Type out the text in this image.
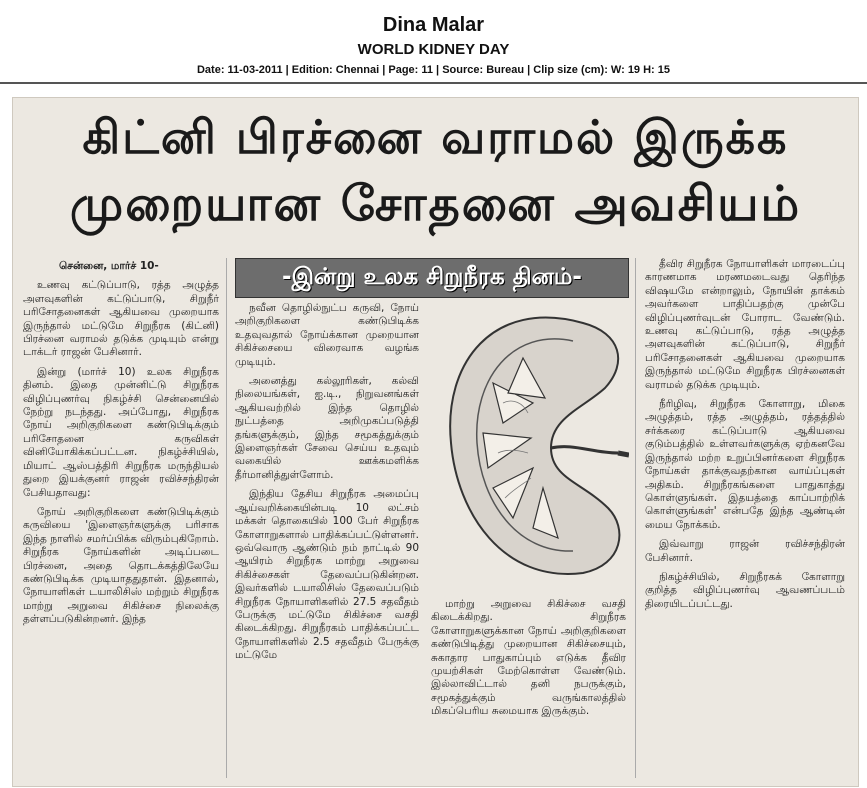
Dina Malar
WORLD KIDNEY DAY
Date: 11-03-2011 | Edition: Chennai | Page: 11 | Source: Bureau | Clip size (cm): W: 19 H: 15
கிட்னி பிரச்னை வராமல் இருக்க
முறையான சோதனை அவசியம்
சென்னை, மார்ச் 10-

உணவு கட்டுப்பாடு, ரத்த அழுத்த அளவுகளின் கட்டுப்பாடு, சிறுநீர் பரிசோதனைகள் ஆகியவை முறையாக இருந்தால் மட்டுமே சிறுநீரக (கிட்னி) பிரச்னை வராமல் தடுக்க முடியும் என்று டாக்டர் ராஜன் பேசினார்.

இன்று (மார்ச் 10) உலக சிறுநீரக தினம். இதை முன்னிட்டு சிறுநீரக விழிப்புணர்வு நிகழ்ச்சி சென்னையில் நேற்று நடந்தது. அப்போது, சிறுநீரக நோய் அறிகுறிகளை கண்டுபிடிக்கும் பரிசோதனை கருவிகள் வினியோகிக்கப்பட்டன. நிகழ்ச்சியில், மியாட் ஆஸ்பத்திரி சிறுநீரக மருந்தியல் துறை இயக்குனர் ராஜன் ரவிச்சந்திரன் பேசியதாவது:

நோய் அறிகுறிகளை கண்டுபிடிக்கும் கருவியை 'இளைஞர்களுக்கு பரிசாக இந்த நாளில் சமர்ப்பிக்க விரும்புகிறோம். சிறுநீரக நோய்களின் அடிப்படை பிரச்னை, அதை தொடக்கத்திலேயே கண்டுபிடிக்க முடியாததுதான். இதனால், நோயாளிகள் டயாலிசிஸ் மற்றும் சிறுநீரக மாற்று அறுவை சிகிச்சை நிலைக்கு தள்ளப்படுகின்றனர். இந்த

-இன்று உலக சிறுநீரக தினம்-

நவீன தொழில்நுட்ப கருவி, நோய் அறிகுறிகளை கண்டுபிடிக்க உதவுவதால் நோய்க்கான முறையான சிகிச்சையை விரைவாக வழங்க முடியும்.

அனைத்து கல்லூரிகள், கல்வி நிலையங்கள், ஐ.டி., நிறுவனங்கள் ஆகியவற்றில் இந்த தொழில் நுட்பத்தை அறிமுகப்படுத்தி தங்களுக்கும், இந்த சமூகத்துக்கும் இளைஞர்கள் சேவை செய்ய உதவும் வகையில் ஊக்கமளிக்க தீர்மானித்துள்ளோம்.

இந்திய தேசிய சிறுநீரக அமைப்பு ஆய்வறிக்கையின்படி 10 லட்சம் மக்கள் தொகையில் 100 பேர் சிறுநீரக கோளாறுகளால் பாதிக்கப்பட்டுள்ளனர். ஒவ்வொரு ஆண்டும் நம் நாட்டில் 90 ஆயிரம் சிறுநீரக மாற்று அறுவை சிகிச்சைகள் தேவைப்படுகின்றன. இவர்களில் டயாலிசிஸ் தேவைப்படும் சிறுநீரக நோயாளிகளில் 27.5 சதவீதம் பேருக்கு மட்டுமே சிகிச்சை வசதி கிடைக்கிறது. சிறுநீரகம் பாதிக்கப்பட்ட நோயாளிகளில் 2.5 சதவீதம் பேருக்கு மட்டுமே

மாற்று அறுவை சிகிச்சை வசதி கிடைக்கிறது. சிறுநீரக கோளாறுகளுக்கான நோய் அறிகுறிகளை கண்டுபிடித்து முறையான சிகிச்சையும், சுகாதார பாதுகாப்பும் எடுக்க தீவிர முயற்சிகள் மேற்கொள்ள வேண்டும். இல்லாவிட்டால் தனி நபருக்கும், சமூகத்துக்கும் வருங்காலத்தில் மிகப்பெரிய சுமையாக இருக்கும்.

தீவிர சிறுநீரக நோயாளிகள் மாரடைப்பு காரணமாக மரணமடைவது தெரிந்த விஷயமே என்றாலும், நோயின் தாக்கம் அவர்களை பாதிப்பதற்கு முன்பே விழிப்புணர்வுடன் போராட வேண்டும். உணவு கட்டுப்பாடு, ரத்த அழுத்த அளவுகளின் கட்டுப்பாடு, சிறுநீர் பரிசோதனைகள் ஆகியவை முறையாக இருந்தால் மட்டுமே சிறுநீரக பிரச்னைகள் வராமல் தடுக்க முடியும்.

நீரிழிவு, சிறுநீரக கோளாறு, மிகை அழுத்தம், ரத்த அழுத்தம், ரத்தத்தில் சர்க்கரை கட்டுப்பாடு ஆகியவை குடும்பத்தில் உள்ளவர்களுக்கு ஏற்கனவே இருந்தால் மற்ற உறுப்பினர்களை சிறுநீரக நோய்கள் தாக்குவதற்கான வாய்ப்புகள் அதிகம். சிறுநீரகங்களை பாதுகாத்து கொள்ளுங்கள். இதயத்தை காப்பாற்றிக் கொள்ளுங்கள்' என்பதே இந்த ஆண்டின் மைய நோக்கம்.

இவ்வாறு ராஜன் ரவிச்சந்திரன் பேசினார்.

நிகழ்ச்சியில், சிறுநீரகக் கோளாறு குறித்த விழிப்புணர்வு ஆவணப்படம் திரையிடப்பட்டது.
